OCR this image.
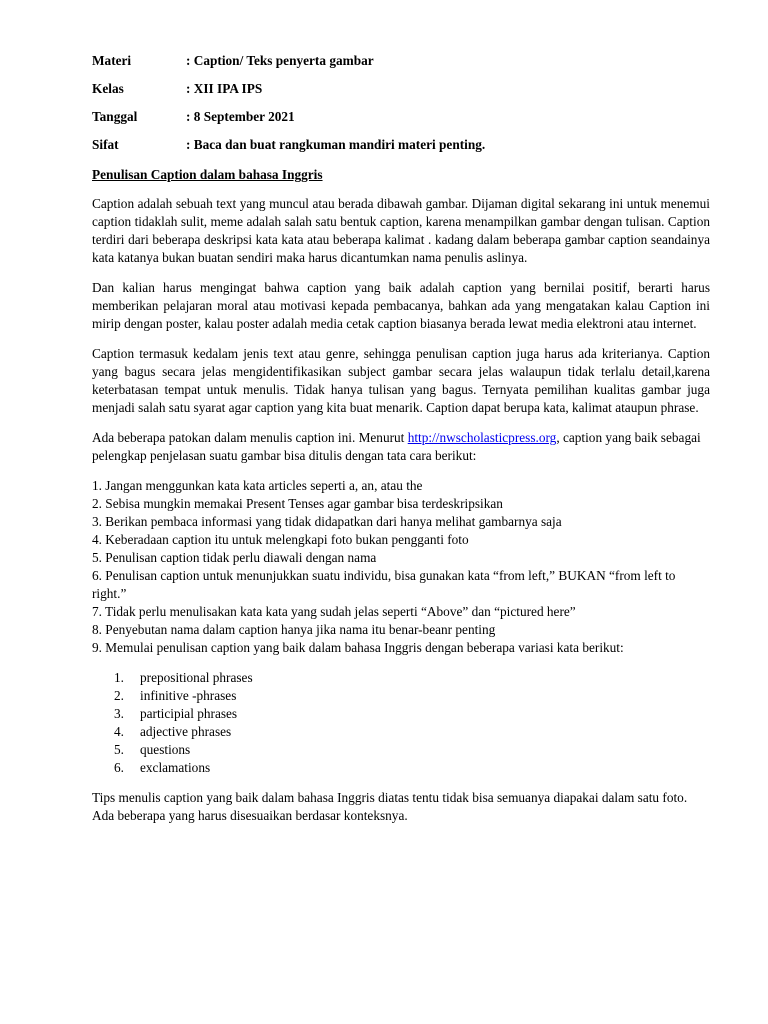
Materi	: Caption/ Teks penyerta gambar
Kelas	: XII IPA IPS
Tanggal	: 8 September 2021
Sifat	: Baca dan buat rangkuman mandiri materi penting.
Penulisan Caption dalam bahasa Inggris

Caption adalah sebuah text yang muncul atau berada dibawah gambar. Dijaman digital sekarang ini untuk menemui caption tidaklah sulit, meme adalah salah satu bentuk caption, karena menampilkan gambar dengan tulisan. Caption terdiri dari beberapa deskripsi kata kata atau beberapa kalimat . kadang dalam beberapa gambar caption seandainya kata katanya bukan buatan sendiri maka harus dicantumkan nama penulis aslinya.

Dan kalian harus mengingat bahwa caption yang baik adalah caption yang bernilai positif, berarti harus memberikan pelajaran moral atau motivasi kepada pembacanya, bahkan ada yang mengatakan kalau Caption ini mirip dengan poster, kalau poster adalah media cetak caption biasanya berada lewat media elektroni atau internet.

Caption termasuk kedalam jenis text atau genre, sehingga penulisan caption juga harus ada kriterianya. Caption yang bagus secara jelas mengidentifikasikan subject gambar secara jelas walaupun tidak terlalu detail,karena keterbatasan tempat untuk menulis. Tidak hanya tulisan yang bagus. Ternyata pemilihan kualitas gambar juga menjadi salah satu syarat agar caption yang kita buat menarik. Caption dapat berupa kata, kalimat ataupun phrase.

Ada beberapa patokan dalam menulis caption ini. Menurut http://nwscholasticpress.org, caption yang baik sebagai pelengkap penjelasan suatu gambar bisa ditulis dengan tata cara berikut:

1. Jangan menggunkan kata kata articles seperti a, an, atau the

2. Sebisa mungkin memakai Present Tenses agar gambar bisa terdeskripsikan

3. Berikan pembaca informasi yang tidak didapatkan dari hanya melihat gambarnya saja

4. Keberadaan caption itu untuk melengkapi foto bukan pengganti foto

5. Penulisan caption tidak perlu diawali dengan nama

6. Penulisan caption untuk menunjukkan suatu individu, bisa gunakan kata “from left,” BUKAN “from left to right.”

7. Tidak perlu menulisakan kata kata yang sudah jelas seperti “Above” dan “pictured here”

8. Penyebutan nama dalam caption hanya jika nama itu benar-beanr penting

9. Memulai penulisan caption yang baik dalam bahasa Inggris dengan beberapa variasi kata berikut:

1.	prepositional phrases
2.	infinitive -phrases
3.	participial phrases
4.	adjective phrases
5.	questions
6.	exclamations

Tips menulis caption yang baik dalam bahasa Inggris diatas tentu tidak bisa semuanya diapakai dalam satu foto. Ada beberapa yang harus disesuaikan berdasar konteksnya.
